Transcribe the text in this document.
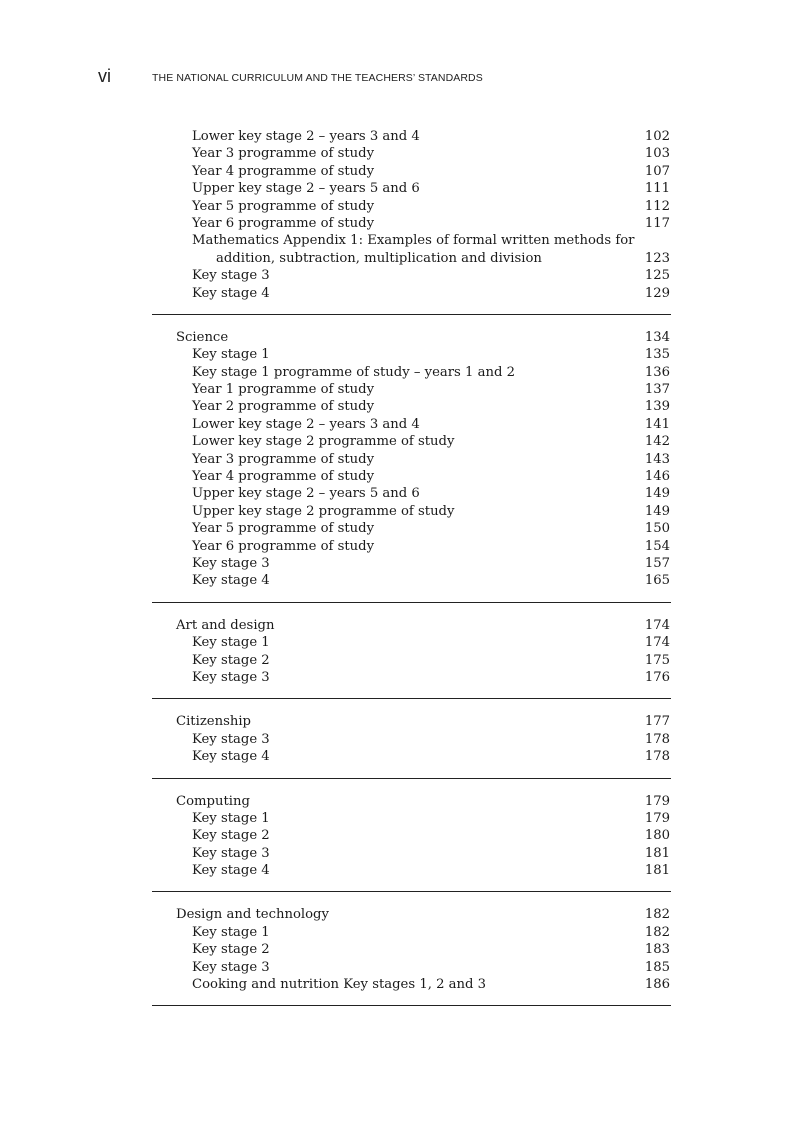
vi	THE NATIONAL CURRICULUM AND THE TEACHERS’ STANDARDS
Lower key stage 2 – years 3 and 4	102
Year 3 programme of study	103
Year 4 programme of study	107
Upper key stage 2 – years 5 and 6	111
Year 5 programme of study	112
Year 6 programme of study	117
Mathematics Appendix 1: Examples of formal written methods for
addition, subtraction, multiplication and division	123
Key stage 3	125
Key stage 4	129
Science	134
Key stage 1	135
Key stage 1 programme of study – years 1 and 2	136
Year 1 programme of study	137
Year 2 programme of study	139
Lower key stage 2 – years 3 and 4	141
Lower key stage 2 programme of study	142
Year 3 programme of study	143
Year 4 programme of study	146
Upper key stage 2 – years 5 and 6	149
Upper key stage 2 programme of study	149
Year 5 programme of study	150
Year 6 programme of study	154
Key stage 3	157
Key stage 4	165
Art and design	174
Key stage 1	174
Key stage 2	175
Key stage 3	176
Citizenship	177
Key stage 3	178
Key stage 4	178
Computing	179
Key stage 1	179
Key stage 2	180
Key stage 3	181
Key stage 4	181
Design and technology	182
Key stage 1	182
Key stage 2	183
Key stage 3	185
Cooking and nutrition Key stages 1, 2 and 3	186
